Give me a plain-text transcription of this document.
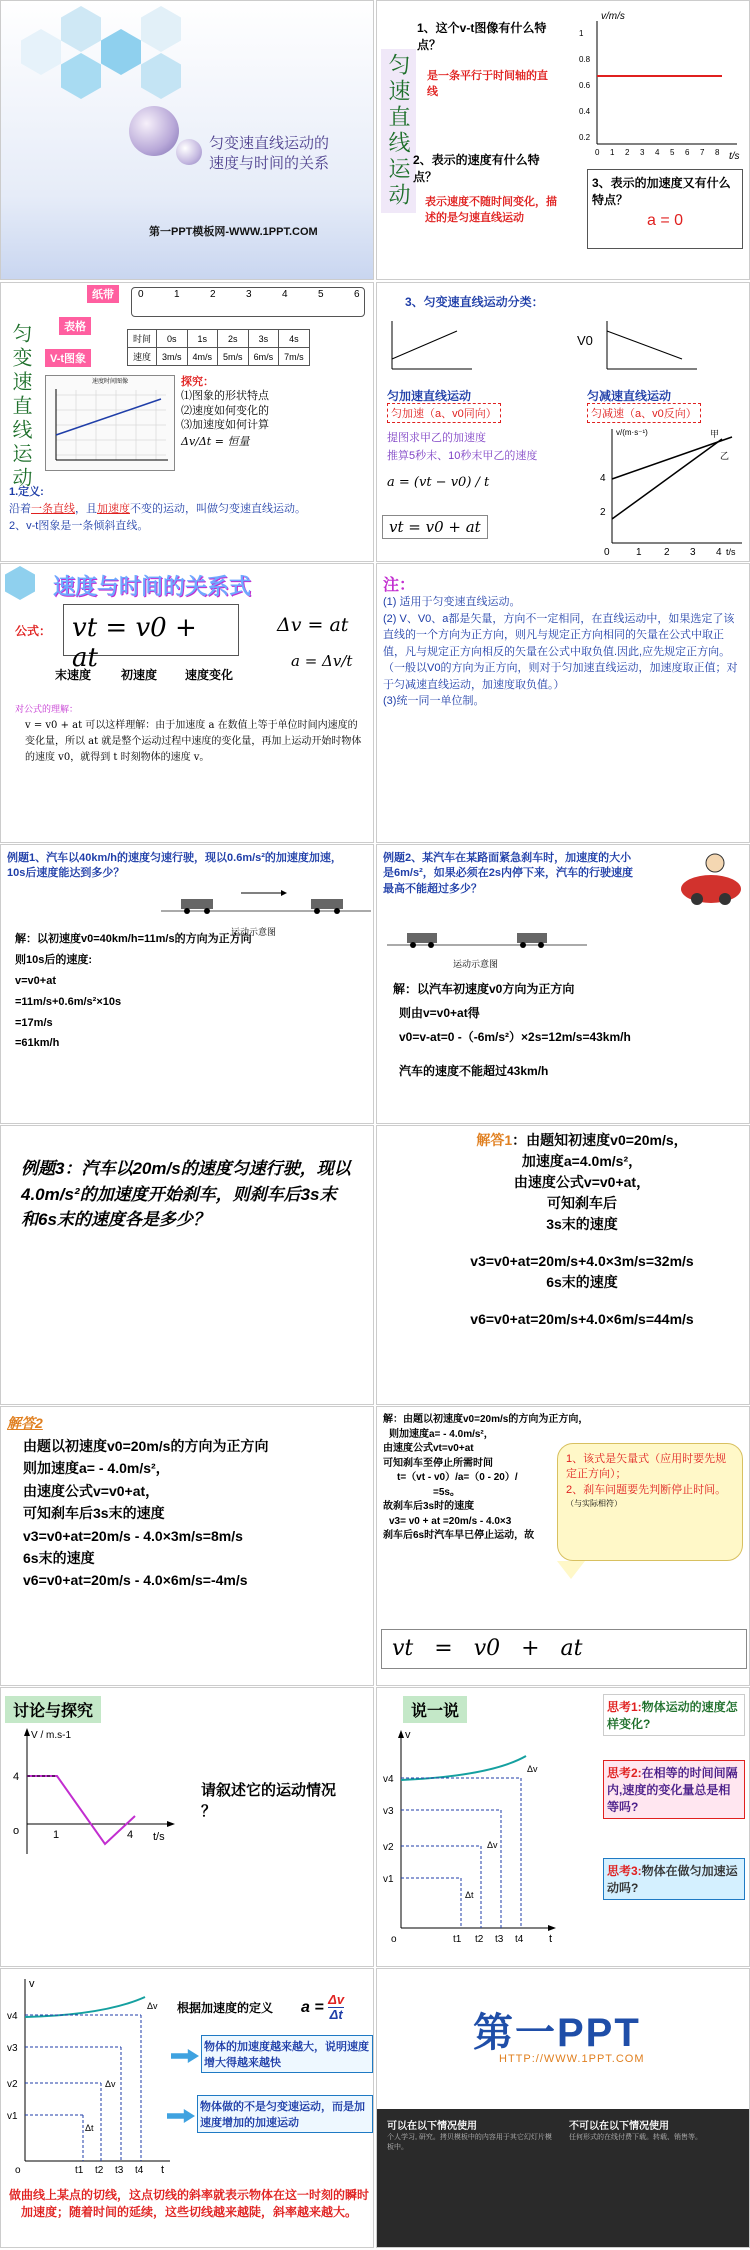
匀变速直线运动的
速度与时间的关系
第一PPT模板网-WWW.1PPT.COM
匀速直线运动
1、这个v-t图像有什么特点？
是一条平行于时间轴的直线
2、表示的速度有什么特点？
表示速度不随时间变化，描述的是匀速直线运动
3、表示的加速度又有什么特点？
a = 0
1
0.8
0.6
0.4
0.2
0 1 2 3 4 5 6 7 8
v/m/s
t/s
匀变速直线运动
纸带
表格
V-t图象
0	1	2	3	4	5	6
时间	0s	1s	2s	3s	4s
速度	3m/s	4m/s	5m/s	6m/s	7m/s
速度时间图像	探究：
⑴图象的形状特点
⑵速度如何变化的
⑶加速度如何计算
Δv/Δt = 恒量
1.定义:
沿着一条直线，且加速度不变的运动，叫做匀变速直线运动。
2、v-t图象是一条倾斜直线。
3、匀变速直线运动分类：
V0
匀加速直线运动
匀加速（a、v0同向）
匀减速直线运动
匀减速（a、v0反向）
提图求甲乙的加速度
推算5秒末、10秒末甲乙的速度
a = (vt − v0) / t
vt = v0 + at
v/(m·s⁻¹)	甲
乙
4
2
0	1 2 3 4 t/s
速度与时间的关系式
公式： vt = v0 + at
Δv = at
a = Δv/t
末速度 初速度 速度变化
对公式的理解：
v = v0 + at 可以这样理解：由于加速度 a 在数值上等于单位时间内速度的变化量，所以 at 就是整个运动过程中速度的变化量，再加上运动开始时物体的速度 v0，就得到 t 时刻物体的速度 v。
注：
(1) 适用于匀变速直线运动。
(2) V、V0、a都是矢量，方向不一定相同，在直线运动中，如果选定了该直线的一个方向为正方向，则凡与规定正方向相同的矢量在公式中取正值，凡与规定正方向相反的矢量在公式中取负值.因此,应先规定正方向。（一般以V0的方向为正方向，则对于匀加速直线运动，加速度取正值；对于匀减速直线运动，加速度取负值。）
(3)统一同一单位制。
例题1、汽车以40km/h的速度匀速行驶，现以0.6m/s²的加速度加速，10s后速度能达到多少？
运动示意图
解：以初速度v0=40km/h=11m/s的方向为正方向
则10s后的速度:
v=v0+at
=11m/s+0.6m/s²×10s
=17m/s
=61km/h
例题2、某汽车在某路面紧急刹车时，加速度的大小是6m/s²，如果必须在2s内停下来，汽车的行驶速度最高不能超过多少？
运动示意图
解：以汽车初速度v0方向为正方向
则由v=v0+at得
v0=v-at=0 -（-6m/s²）×2s=12m/s=43km/h
汽车的速度不能超过43km/h
例题3：汽车以20m/s的速度匀速行驶，现以4.0m/s²的加速度开始刹车，则刹车后3s末和6s末的速度各是多少？
解答1：由题知初速度v0=20m/s，
加速度a=4.0m/s²，
由速度公式v=v0+at，
可知刹车后
3s末的速度
v3=v0+at=20m/s+4.0×3m/s=32m/s
6s末的速度
v6=v0+at=20m/s+4.0×6m/s=44m/s
解答2
由题以初速度v0=20m/s的方向为正方向
则加速度a= - 4.0m/s²，
由速度公式v=v0+at，
可知刹车后3s末的速度
v3=v0+at=20m/s - 4.0×3m/s=8m/s
6s末的速度
v6=v0+at=20m/s - 4.0×6m/s=-4m/s
解：由题以初速度v0=20m/s的方向为正方向，
则加速度a= - 4.0m/s²，
由速度公式vt=v0+at
可知刹车至停止所需时间
t=（vt - v0）/a=（0 - 20）/
=5s。
故刹车后3s时的速度
v3= v0 + at =20m/s - 4.0×3
刹车后6s时汽车早已停止运动，故
1、该式是矢量式（应用时要先规定正方向）；
2、刹车问题要先判断停止时间。
（与实际相符）
vt = v0 + at
讨论与探究
V / m.s-1
4
o	1	4 t/s
请叙述它的运动情况 ？
说一说
v4
v3
v2
v1
t1 t2 t3 t4
o
v
t
Δv
Δv
Δt
思考1:物体运动的速度怎样变化?
思考2:在相等的时间间隔内,速度的变化量总是相等吗?
思考3:物体在做匀加速运动吗?
v4
v3
v2
v1
t1 t2 t3 t4
o
v
t
Δv
Δv
Δt
根据加速度的定义 $a = \frac{\Delta v}{\Delta t}$
物体的加速度越来越大，说明速度增大得越来越快
物体做的不是匀变速运动，而是加速度增加的加速运动
做曲线上某点的切线，这点切线的斜率就表示物体在这一时刻的瞬时加速度；随着时间的延续，这些切线越来越陡，斜率越来越大。
第一PPT
HTTP://WWW.1PPT.COM
可以在以下情况使用
个人学习, 研究。拷贝模板中的内容用于其它幻灯片模板中。
不可以在以下情况使用
任何形式的在线付费下载。转载、销售等。
